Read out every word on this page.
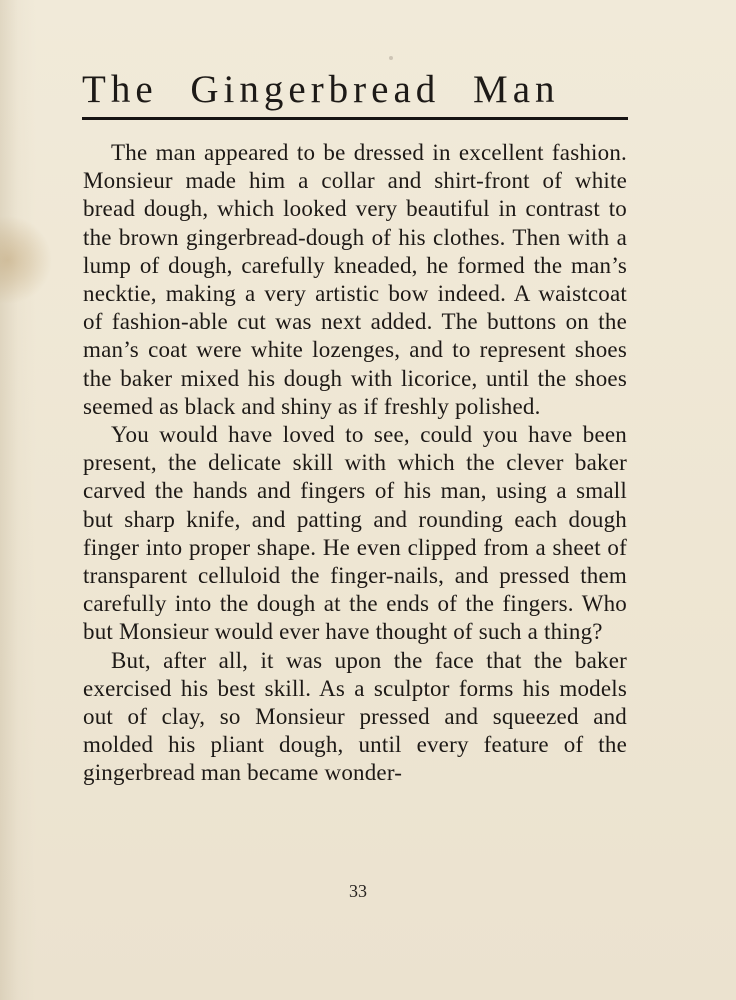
The Gingerbread Man

The man appeared to be dressed in excellent fashion. Monsieur made him a collar and shirt-front of white bread dough, which looked very beautiful in contrast to the brown gingerbread-dough of his clothes. Then with a lump of dough, carefully kneaded, he formed the man’s necktie, making a very artistic bow indeed. A waistcoat of fashion-able cut was next added. The buttons on the man’s coat were white lozenges, and to represent shoes the baker mixed his dough with licorice, until the shoes seemed as black and shiny as if freshly polished.

You would have loved to see, could you have been present, the delicate skill with which the clever baker carved the hands and fingers of his man, using a small but sharp knife, and patting and rounding each dough finger into proper shape. He even clipped from a sheet of transparent celluloid the finger-nails, and pressed them carefully into the dough at the ends of the fingers. Who but Monsieur would ever have thought of such a thing?

But, after all, it was upon the face that the baker exercised his best skill. As a sculptor forms his models out of clay, so Monsieur pressed and squeezed and molded his pliant dough, until every feature of the gingerbread man became wonder-

33
